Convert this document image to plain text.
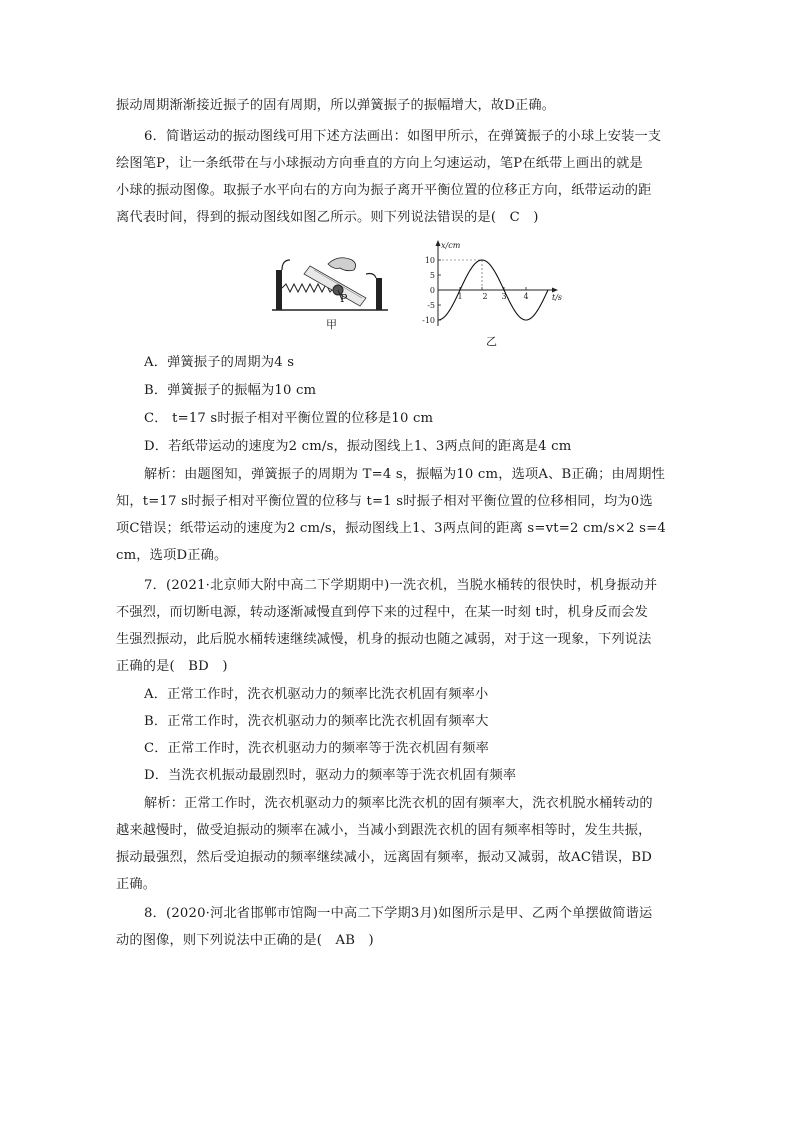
振动周期渐渐接近振子的固有周期，所以弹簧振子的振幅增大，故D正确。
6．简谐运动的振动图线可用下述方法画出：如图甲所示，在弹簧振子的小球上安装一支
绘图笔P，让一条纸带在与小球振动方向垂直的方向上匀速运动，笔P在纸带上画出的就是
小球的振动图像。取振子水平向右的方向为振子离开平衡位置的位移正方向，纸带运动的距
离代表时间，得到的振动图线如图乙所示。则下列说法错误的是(　C　)
P
甲
10
5
0
-5
-10
1 2 3 4
x/cm
t/s
乙
A．弹簧振子的周期为4 s
B．弹簧振子的振幅为10 cm
C． t=17 s时振子相对平衡位置的位移是10 cm
D．若纸带运动的速度为2 cm/s，振动图线上1、3两点间的距离是4 cm
解析：由题图知，弹簧振子的周期为 T=4 s，振幅为10 cm，选项A、B正确；由周期性
知，t=17 s时振子相对平衡位置的位移与 t=1 s时振子相对平衡位置的位移相同，均为0选
项C错误；纸带运动的速度为2 cm/s，振动图线上1、3两点间的距离 s=vt=2 cm/s×2 s=4
cm，选项D正确。
7．(2021·北京师大附中高二下学期期中)一洗衣机，当脱水桶转的很快时，机身振动并
不强烈，而切断电源，转动逐渐减慢直到停下来的过程中，在某一时刻 t时，机身反而会发
生强烈振动，此后脱水桶转速继续减慢，机身的振动也随之减弱，对于这一现象，下列说法
正确的是(　BD　)
A．正常工作时，洗衣机驱动力的频率比洗衣机固有频率小
B．正常工作时，洗衣机驱动力的频率比洗衣机固有频率大
C．正常工作时，洗衣机驱动力的频率等于洗衣机固有频率
D．当洗衣机振动最剧烈时，驱动力的频率等于洗衣机固有频率
解析：正常工作时，洗衣机驱动力的频率比洗衣机的固有频率大，洗衣机脱水桶转动的
越来越慢时，做受迫振动的频率在减小，当减小到跟洗衣机的固有频率相等时，发生共振，
振动最强烈，然后受迫振动的频率继续减小，远离固有频率，振动又减弱，故AC错误，BD
正确。
8．(2020·河北省邯郸市馆陶一中高二下学期3月)如图所示是甲、乙两个单摆做简谐运
动的图像，则下列说法中正确的是(　AB　)
